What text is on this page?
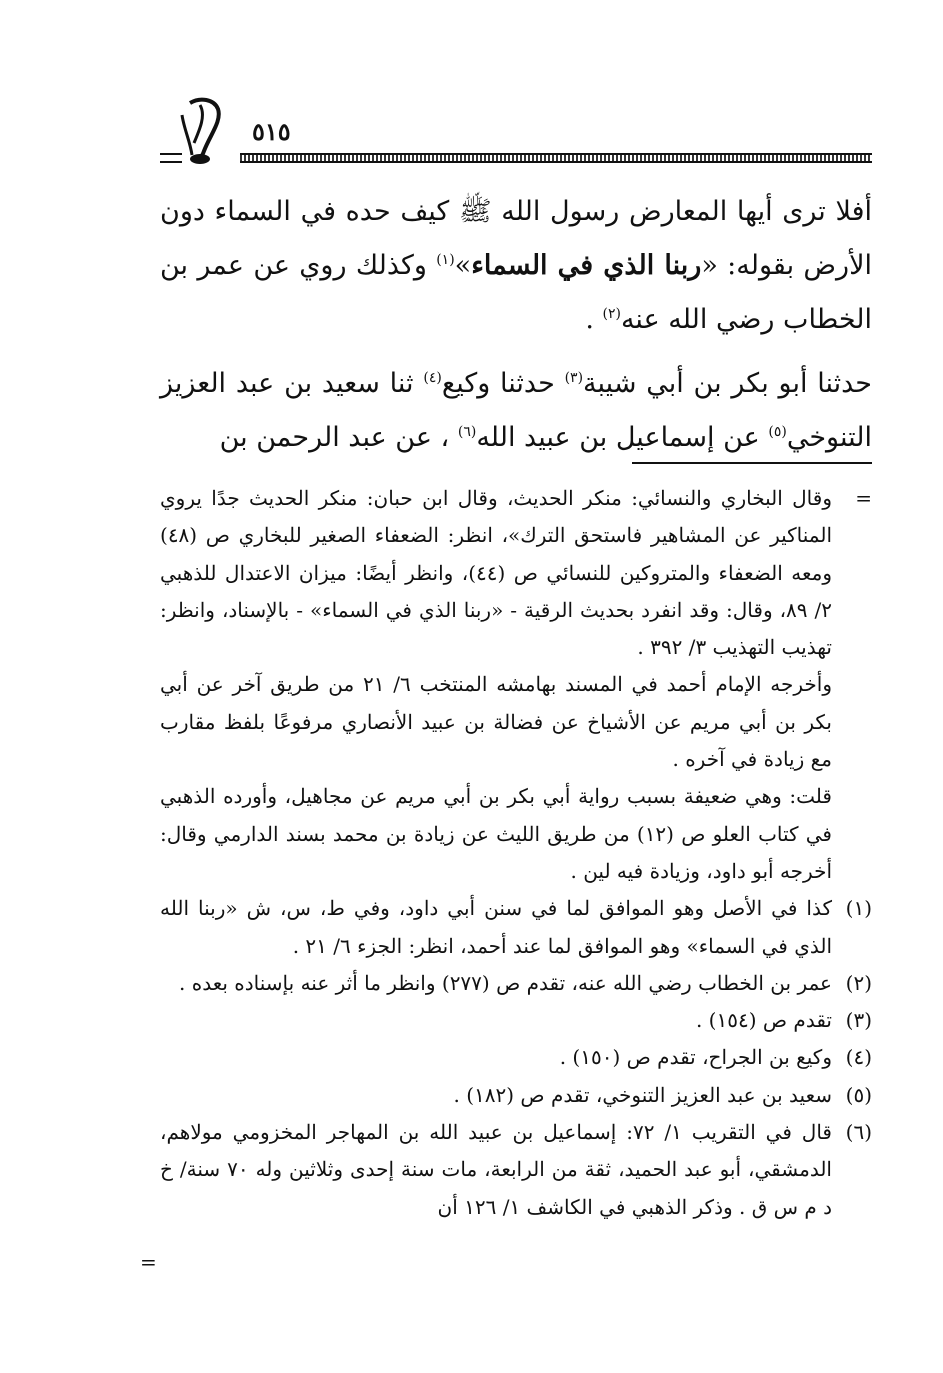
٥١٥

أفلا ترى أيها المعارض رسول الله ﷺ كيف حده في السماء دون الأرض بقوله: «ربنا الذي في السماء»$^{(١)}$ وكذلك روي عن عمر بن الخطاب رضي الله عنه$^{(٢)}$ .

حدثنا أبو بكر بن أبي شيبة$^{(٣)}$ حدثنا وكيع$^{(٤)}$ ثنا سعيد بن عبد العزيز التنوخي$^{(٥)}$ عن إسماعيل بن عبيد الله$^{(٦)}$ ، عن عبد الرحمن بن

=
وقال البخاري والنسائي: منكر الحديث، وقال ابن حبان: منكر الحديث جدًا يروي المناكير عن المشاهير فاستحق الترك»، انظر: الضعفاء الصغير للبخاري ص (٤٨) ومعه الضعفاء والمتروكين للنسائي ص (٤٤)، وانظر أيضًا: ميزان الاعتدال للذهبي ٢/ ٨٩، وقال: وقد انفرد بحديث الرقية - «ربنا الذي في السماء» - بالإسناد، وانظر: تهذيب التهذيب ٣/ ٣٩٢ .
وأخرجه الإمام أحمد في المسند بهامشه المنتخب ٦/ ٢١ من طريق آخر عن أبي بكر بن أبي مريم عن الأشياخ عن فضالة بن عبيد الأنصاري مرفوعًا بلفظ مقارب مع زيادة في آخره .
قلت: وهي ضعيفة بسبب رواية أبي بكر بن أبي مريم عن مجاهيل، وأورده الذهبي في كتاب العلو ص (١٢) من طريق الليث عن زيادة بن محمد بسند الدارمي وقال: أخرجه أبو داود، وزيادة فيه لين .
(١)
كذا في الأصل وهو الموافق لما في سنن أبي داود، وفي ط، س، ش «ربنا الله الذي في السماء» وهو الموافق لما عند أحمد، انظر: الجزء ٦/ ٢١ .
(٢)
عمر بن الخطاب رضي الله عنه، تقدم ص (٢٧٧) وانظر ما أثر عنه بإسناده بعده .
(٣)
تقدم ص (١٥٤) .
(٤)
وكيع بن الجراح، تقدم ص (١٥٠) .
(٥)
سعيد بن عبد العزيز التنوخي، تقدم ص (١٨٢) .
(٦)
قال في التقريب ١/ ٧٢: إسماعيل بن عبيد الله بن المهاجر المخزومي مولاهم، الدمشقي، أبو عبد الحميد، ثقة من الرابعة، مات سنة إحدى وثلاثين وله ٧٠ سنة/ خ د م س ق . وذكر الذهبي في الكاشف ١/ ١٢٦ أن
=
